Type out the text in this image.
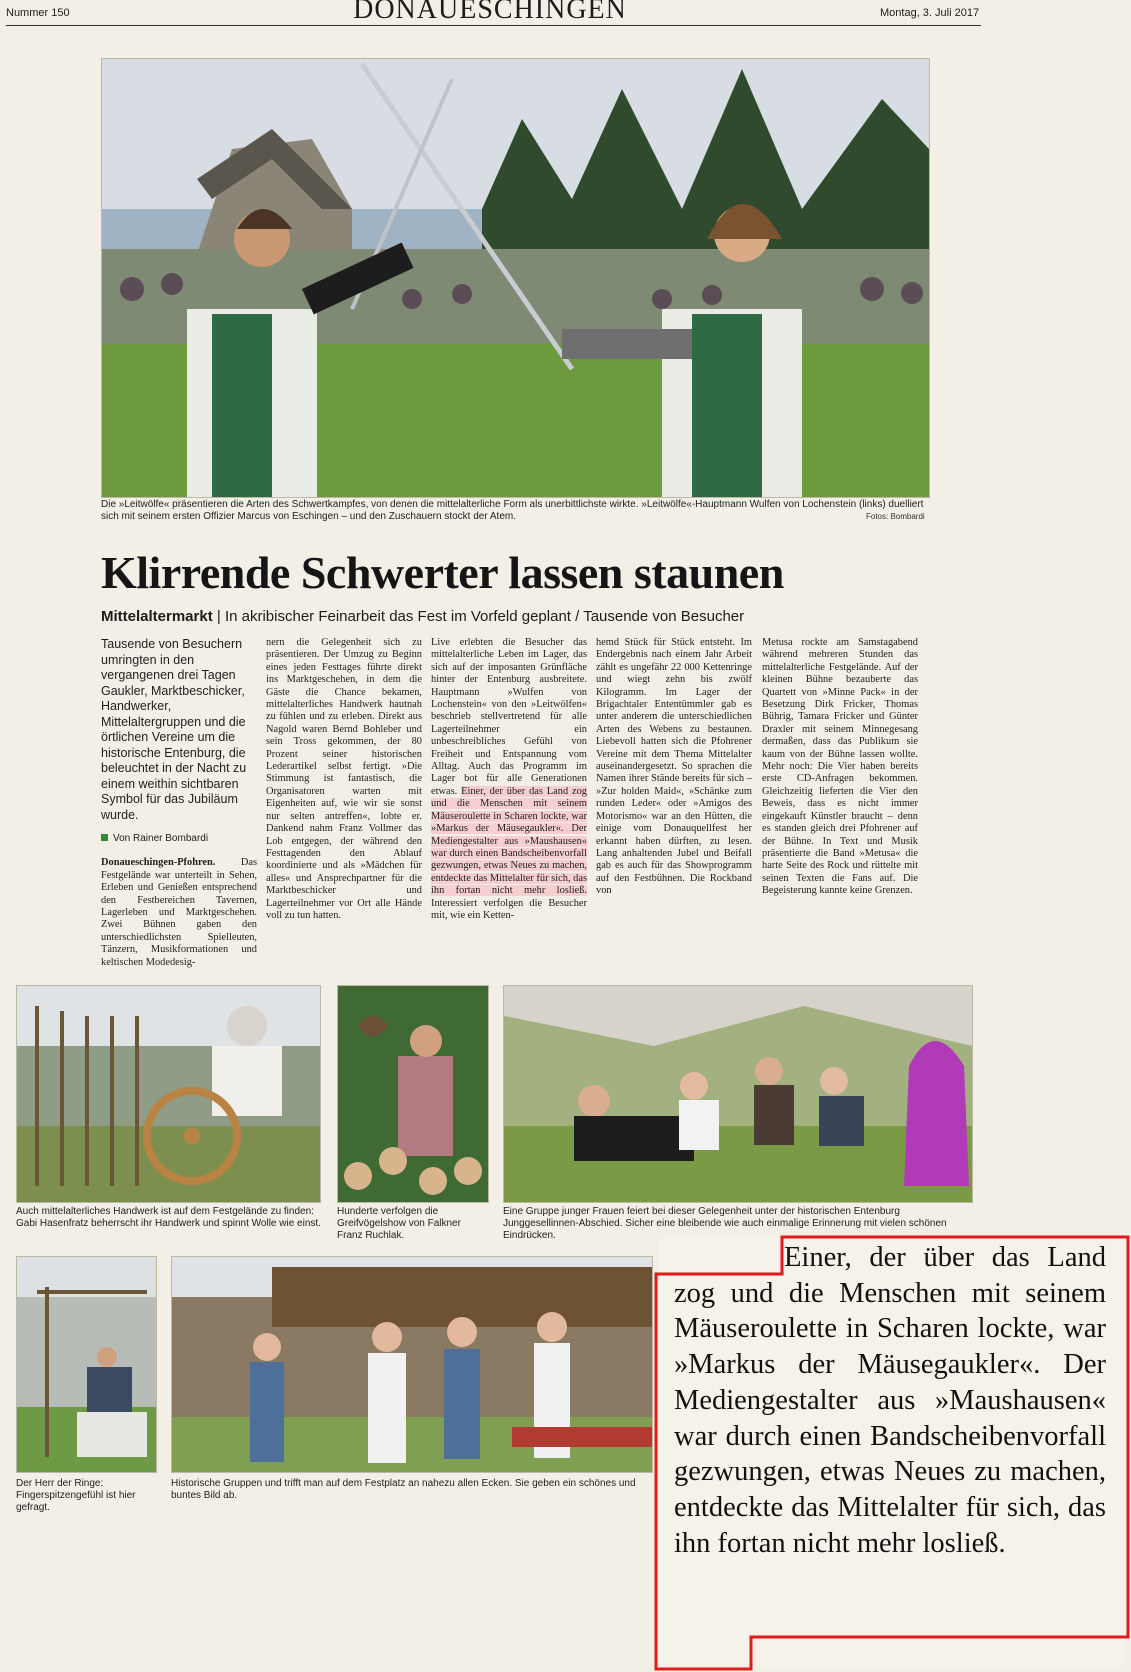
Nummer 150	DONAUESCHINGEN	Montag, 3. Juli 2017
Die »Leitwölfe« präsentieren die Arten des Schwertkampfes, von denen die mittelalterliche Form als unerbittlichste wirkte. »Leitwölfe«-Hauptmann Wulfen von Lochenstein (links) duelliert sich mit seinem ersten Offizier Marcus von Eschingen – und den Zuschauern stockt der Atem.	Fotos: Bombardi
Klirrende Schwerter lassen staunen
Mittelaltermarkt | In akribischer Feinarbeit das Fest im Vorfeld geplant / Tausende von Besucher

Tausende von Besuchern umringten in den vergangenen drei Tagen Gaukler, Marktbeschicker, Handwerker, Mittelaltergruppen und die örtlichen Vereine um die historische Entenburg, die beleuchtet in der Nacht zu einem weithin sichtbaren Symbol für das Jubiläum wurde.

Von Rainer Bombardi

Donaueschingen-Pfohren. Das Festgelände war unterteilt in Sehen, Erleben und Genießen entsprechend den Festbereichen Tavernen, Lagerleben und Marktgeschehen. Zwei Bühnen gaben den unterschiedlichsten Spielleuten, Tänzern, Musikformationen und keltischen Modedesig-

nern die Gelegenheit sich zu präsentieren. Der Umzug zu Beginn eines jeden Festtages führte direkt ins Marktgeschehen, in dem die Gäste die Chance bekamen, mittelalterliches Handwerk hautnah zu fühlen und zu erleben. Direkt aus Nagold waren Bernd Bohleber und sein Tross gekommen, der 80 Prozent seiner historischen Lederartikel selbst fertigt. »Die Stimmung ist fantastisch, die Organisatoren warten mit Eigenheiten auf, wie wir sie sonst nur selten antreffen«, lobte er. Dankend nahm Franz Vollmer das Lob entgegen, der während den Festtagenden den Ablauf koordinierte und als »Mädchen für alles« und Ansprechpartner für die Marktbeschicker und Lagerteilnehmer vor Ort alle Hände voll zu tun hatten.

Live erlebten die Besucher das mittelalterliche Leben im Lager, das sich auf der imposanten Grünfläche hinter der Entenburg ausbreitete. Hauptmann »Wulfen von Lochenstein« von den »Leitwölfen« beschrieb stellvertretend für alle Lagerteilnehmer ein unbeschreibliches Gefühl von Freiheit und Entspannung vom Alltag. Auch das Programm im Lager bot für alle Generationen etwas. Einer, der über das Land zog und die Menschen mit seinem Mäuseroulette in Scharen lockte, war »Markus der Mäusegaukler«. Der Mediengestalter aus »Maushausen« war durch einen Bandscheibenvorfall gezwungen, etwas Neues zu machen, entdeckte das Mittelalter für sich, das ihn fortan nicht mehr losließ. Interessiert verfolgen die Besucher mit, wie ein Ketten-

hemd Stück für Stück entsteht. Im Endergebnis nach einem Jahr Arbeit zählt es ungefähr 22 000 Kettenringe und wiegt zehn bis zwölf Kilogramm. Im Lager der Brigachtaler Ententümmler gab es unter anderem die unterschiedlichen Arten des Webens zu bestaunen. Liebevoll hatten sich die Pfohrener Vereine mit dem Thema Mittelalter auseinandergesetzt. So sprachen die Namen ihrer Stände bereits für sich – »Zur holden Maid«, »Schänke zum runden Leder« oder »Amigos des Motorismo« war an den Hütten, die einige vom Donauquellfest her erkannt haben dürften, zu lesen. Lang anhaltenden Jubel und Beifall gab es auch für das Showprogramm auf den Festbühnen. Die Rockband von

Metusa rockte am Samstagabend während mehreren Stunden das mittelalterliche Festgelände. Auf der kleinen Bühne bezauberte das Quartett von »Minne Pack« in der Besetzung Dirk Fricker, Thomas Bührig, Tamara Fricker und Günter Draxler mit seinem Minnegesang dermaßen, dass das Publikum sie kaum von der Bühne lassen wollte. Mehr noch: Die Vier haben bereits erste CD-Anfragen bekommen. Gleichzeitig lieferten die Vier den Beweis, dass es nicht immer eingekauft Künstler braucht – denn es standen gleich drei Pfohrener auf der Bühne. In Text und Musik präsentierte die Band »Metusa« die harte Seite des Rock und rüttelte mit seinen Texten die Fans auf. Die Begeisterung kannte keine Grenzen.

Auch mittelalterliches Handwerk ist auf dem Festgelände zu finden: Gabi Hasenfratz beherrscht ihr Handwerk und spinnt Wolle wie einst.
Hunderte verfolgen die Greifvögelshow von Falkner Franz Ruchlak.
Eine Gruppe junger Frauen feiert bei dieser Gelegenheit unter der historischen Entenburg Junggesellinnen-Abschied. Sicher eine bleibende wie auch einmalige Erinnerung mit vielen schönen Eindrücken.
Der Herr der Ringe: Fingerspitzengefühl ist hier gefragt.
Historische Gruppen und trifft man auf dem Festplatz an nahezu allen Ecken. Sie geben ein schönes und buntes Bild ab.
Einer, der über das Land zog und die Menschen mit seinem Mäuseroulette in Scharen lockte, war »Markus der Mäusegaukler«. Der Mediengestalter aus »Maushausen« war durch einen Bandscheibenvorfall gezwungen, etwas Neues zu machen, entdeckte das Mittelalter für sich, das ihn fortan nicht mehr losließ.
